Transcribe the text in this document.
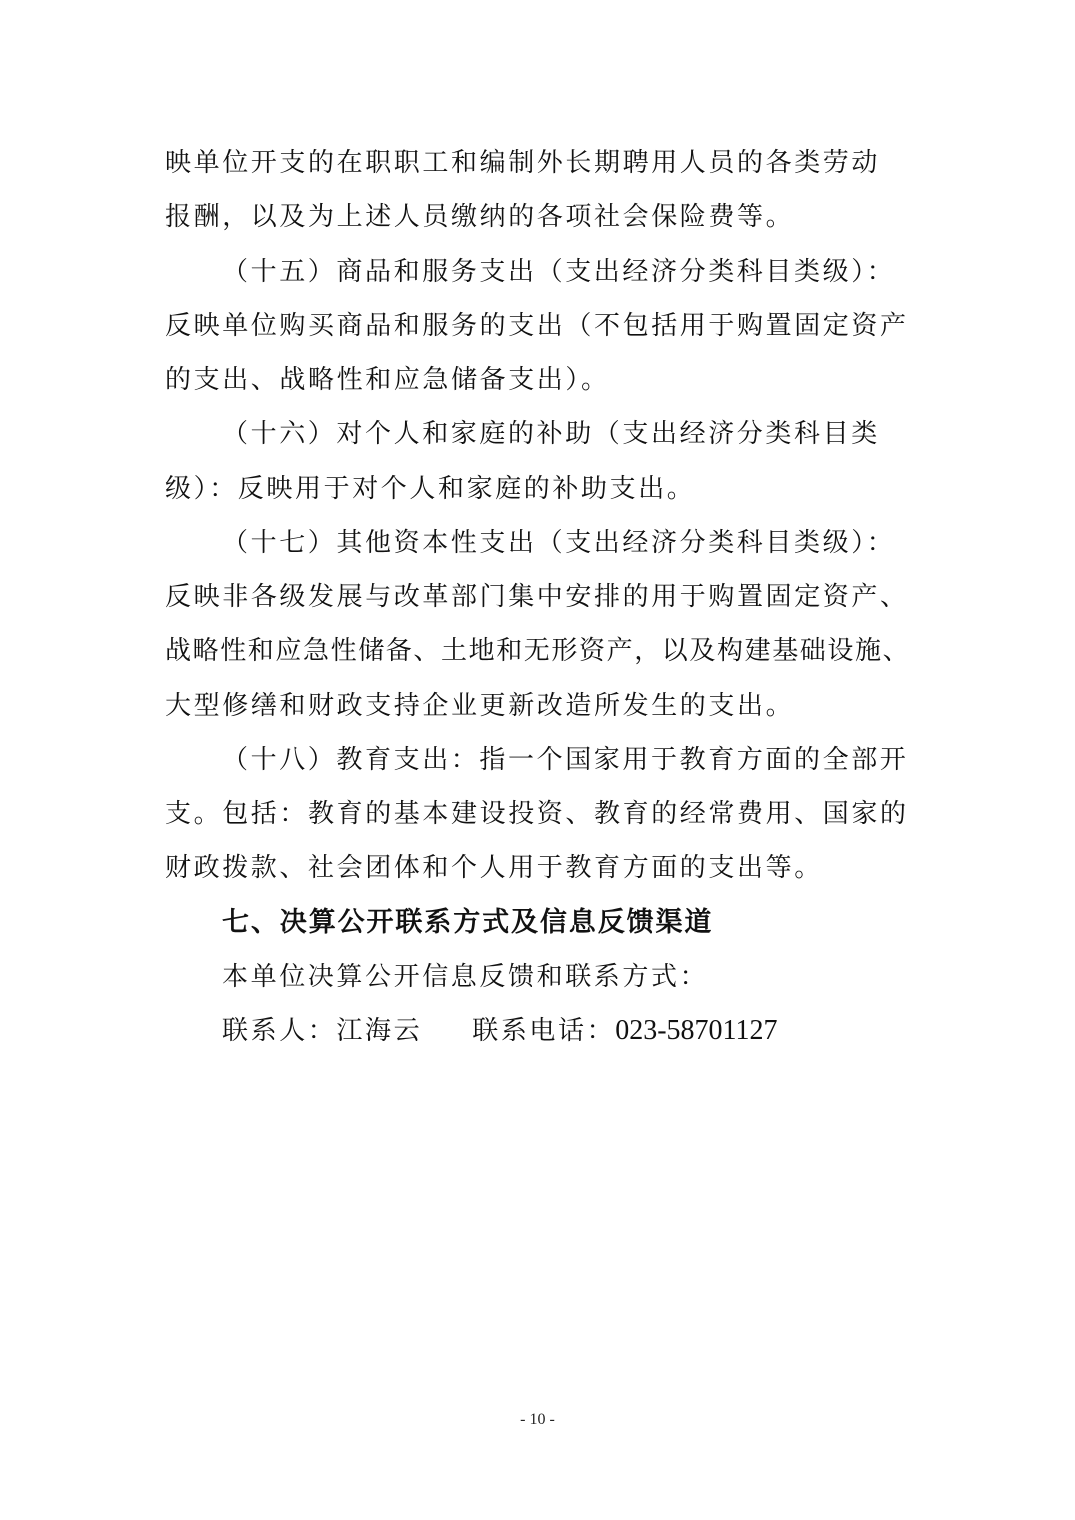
映单位开支的在职职工和编制外长期聘用人员的各类劳动
报酬，以及为上述人员缴纳的各项社会保险费等。
（十五）商品和服务支出（支出经济分类科目类级）：
反映单位购买商品和服务的支出（不包括用于购置固定资产
的支出、战略性和应急储备支出）。
（十六）对个人和家庭的补助（支出经济分类科目类
级）：反映用于对个人和家庭的补助支出。
（十七）其他资本性支出（支出经济分类科目类级）：
反映非各级发展与改革部门集中安排的用于购置固定资产、
战略性和应急性储备、土地和无形资产，以及构建基础设施、
大型修缮和财政支持企业更新改造所发生的支出。
（十八）教育支出：指一个国家用于教育方面的全部开
支。包括：教育的基本建设投资、教育的经常费用、国家的
财政拨款、社会团体和个人用于教育方面的支出等。
七、决算公开联系方式及信息反馈渠道
本单位决算公开信息反馈和联系方式：
联系人：江海云 联系电话：023-58701127
- 10 -
